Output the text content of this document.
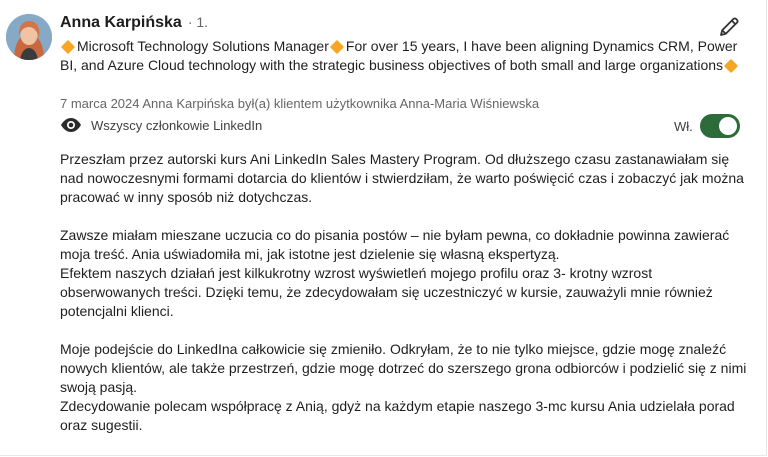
Anna Karpińska · 1.
Microsoft Technology Solutions Manager For over 15 years, I have been aligning Dynamics CRM, Power BI, and Azure Cloud technology with the strategic business objectives of both small and large organizations
7 marca 2024 Anna Karpińska był(a) klientem użytkownika Anna-Maria Wiśniewska
Wszyscy członkowie LinkedIn	Wł.

Przeszłam przez autorski kurs Ani LinkedIn Sales Mastery Program. Od dłuższego czasu zastanawiałam się nad nowoczesnymi formami dotarcia do klientów i stwierdziłam, że warto poświęcić czas i zobaczyć jak można pracować w inny sposób niż dotychczas.

Zawsze miałam mieszane uczucia co do pisania postów – nie byłam pewna, co dokładnie powinna zawierać moja treść. Ania uświadomiła mi, jak istotne jest dzielenie się własną ekspertyzą.

Efektem naszych działań jest kilkukrotny wzrost wyświetleń mojego profilu oraz 3- krotny wzrost obserwowanych treści. Dzięki temu, że zdecydowałam się uczestniczyć w kursie, zauważyli mnie również potencjalni klienci.

Moje podejście do LinkedIna całkowicie się zmieniło. Odkryłam, że to nie tylko miejsce, gdzie mogę znaleźć nowych klientów, ale także przestrzeń, gdzie mogę dotrzeć do szerszego grona odbiorców i podzielić się z nimi swoją pasją.

Zdecydowanie polecam współpracę z Anią, gdyż na każdym etapie naszego 3-mc kursu Ania udzielała porad oraz sugestii.
